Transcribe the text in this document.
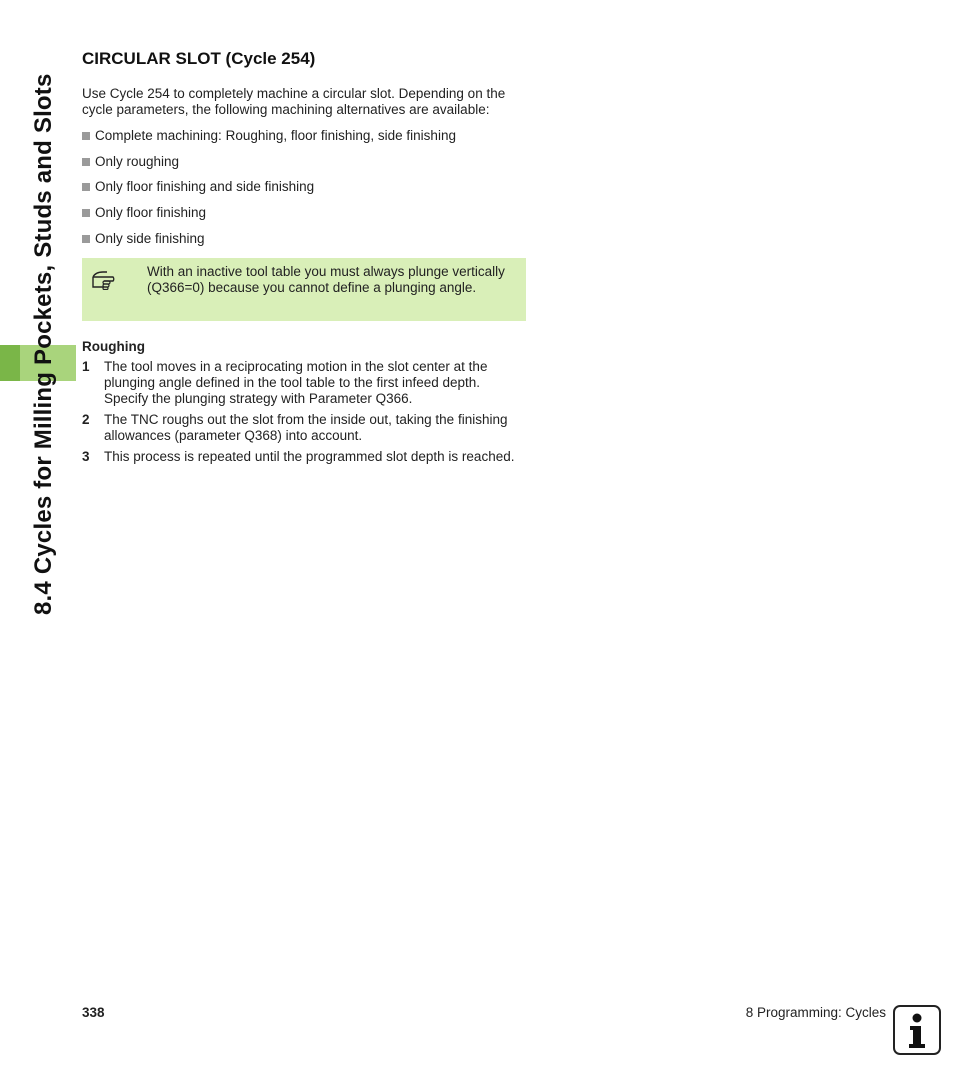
8.4 Cycles for Milling Pockets, Studs and Slots
CIRCULAR SLOT (Cycle 254)

Use Cycle 254 to completely machine a circular slot. Depending on the cycle parameters, the following machining alternatives are available:

Complete machining: Roughing, floor finishing, side finishing
Only roughing
Only floor finishing and side finishing
Only floor finishing
Only side finishing
With an inactive tool table you must always plunge vertically (Q366=0) because you cannot define a plunging angle.
Roughing
1	The tool moves in a reciprocating motion in the slot center at the plunging angle defined in the tool table to the first infeed depth. Specify the plunging strategy with Parameter Q366.
2	The TNC roughs out the slot from the inside out, taking the finishing allowances (parameter Q368) into account.
3	This process is repeated until the programmed slot depth is reached.
338	8 Programming: Cycles
